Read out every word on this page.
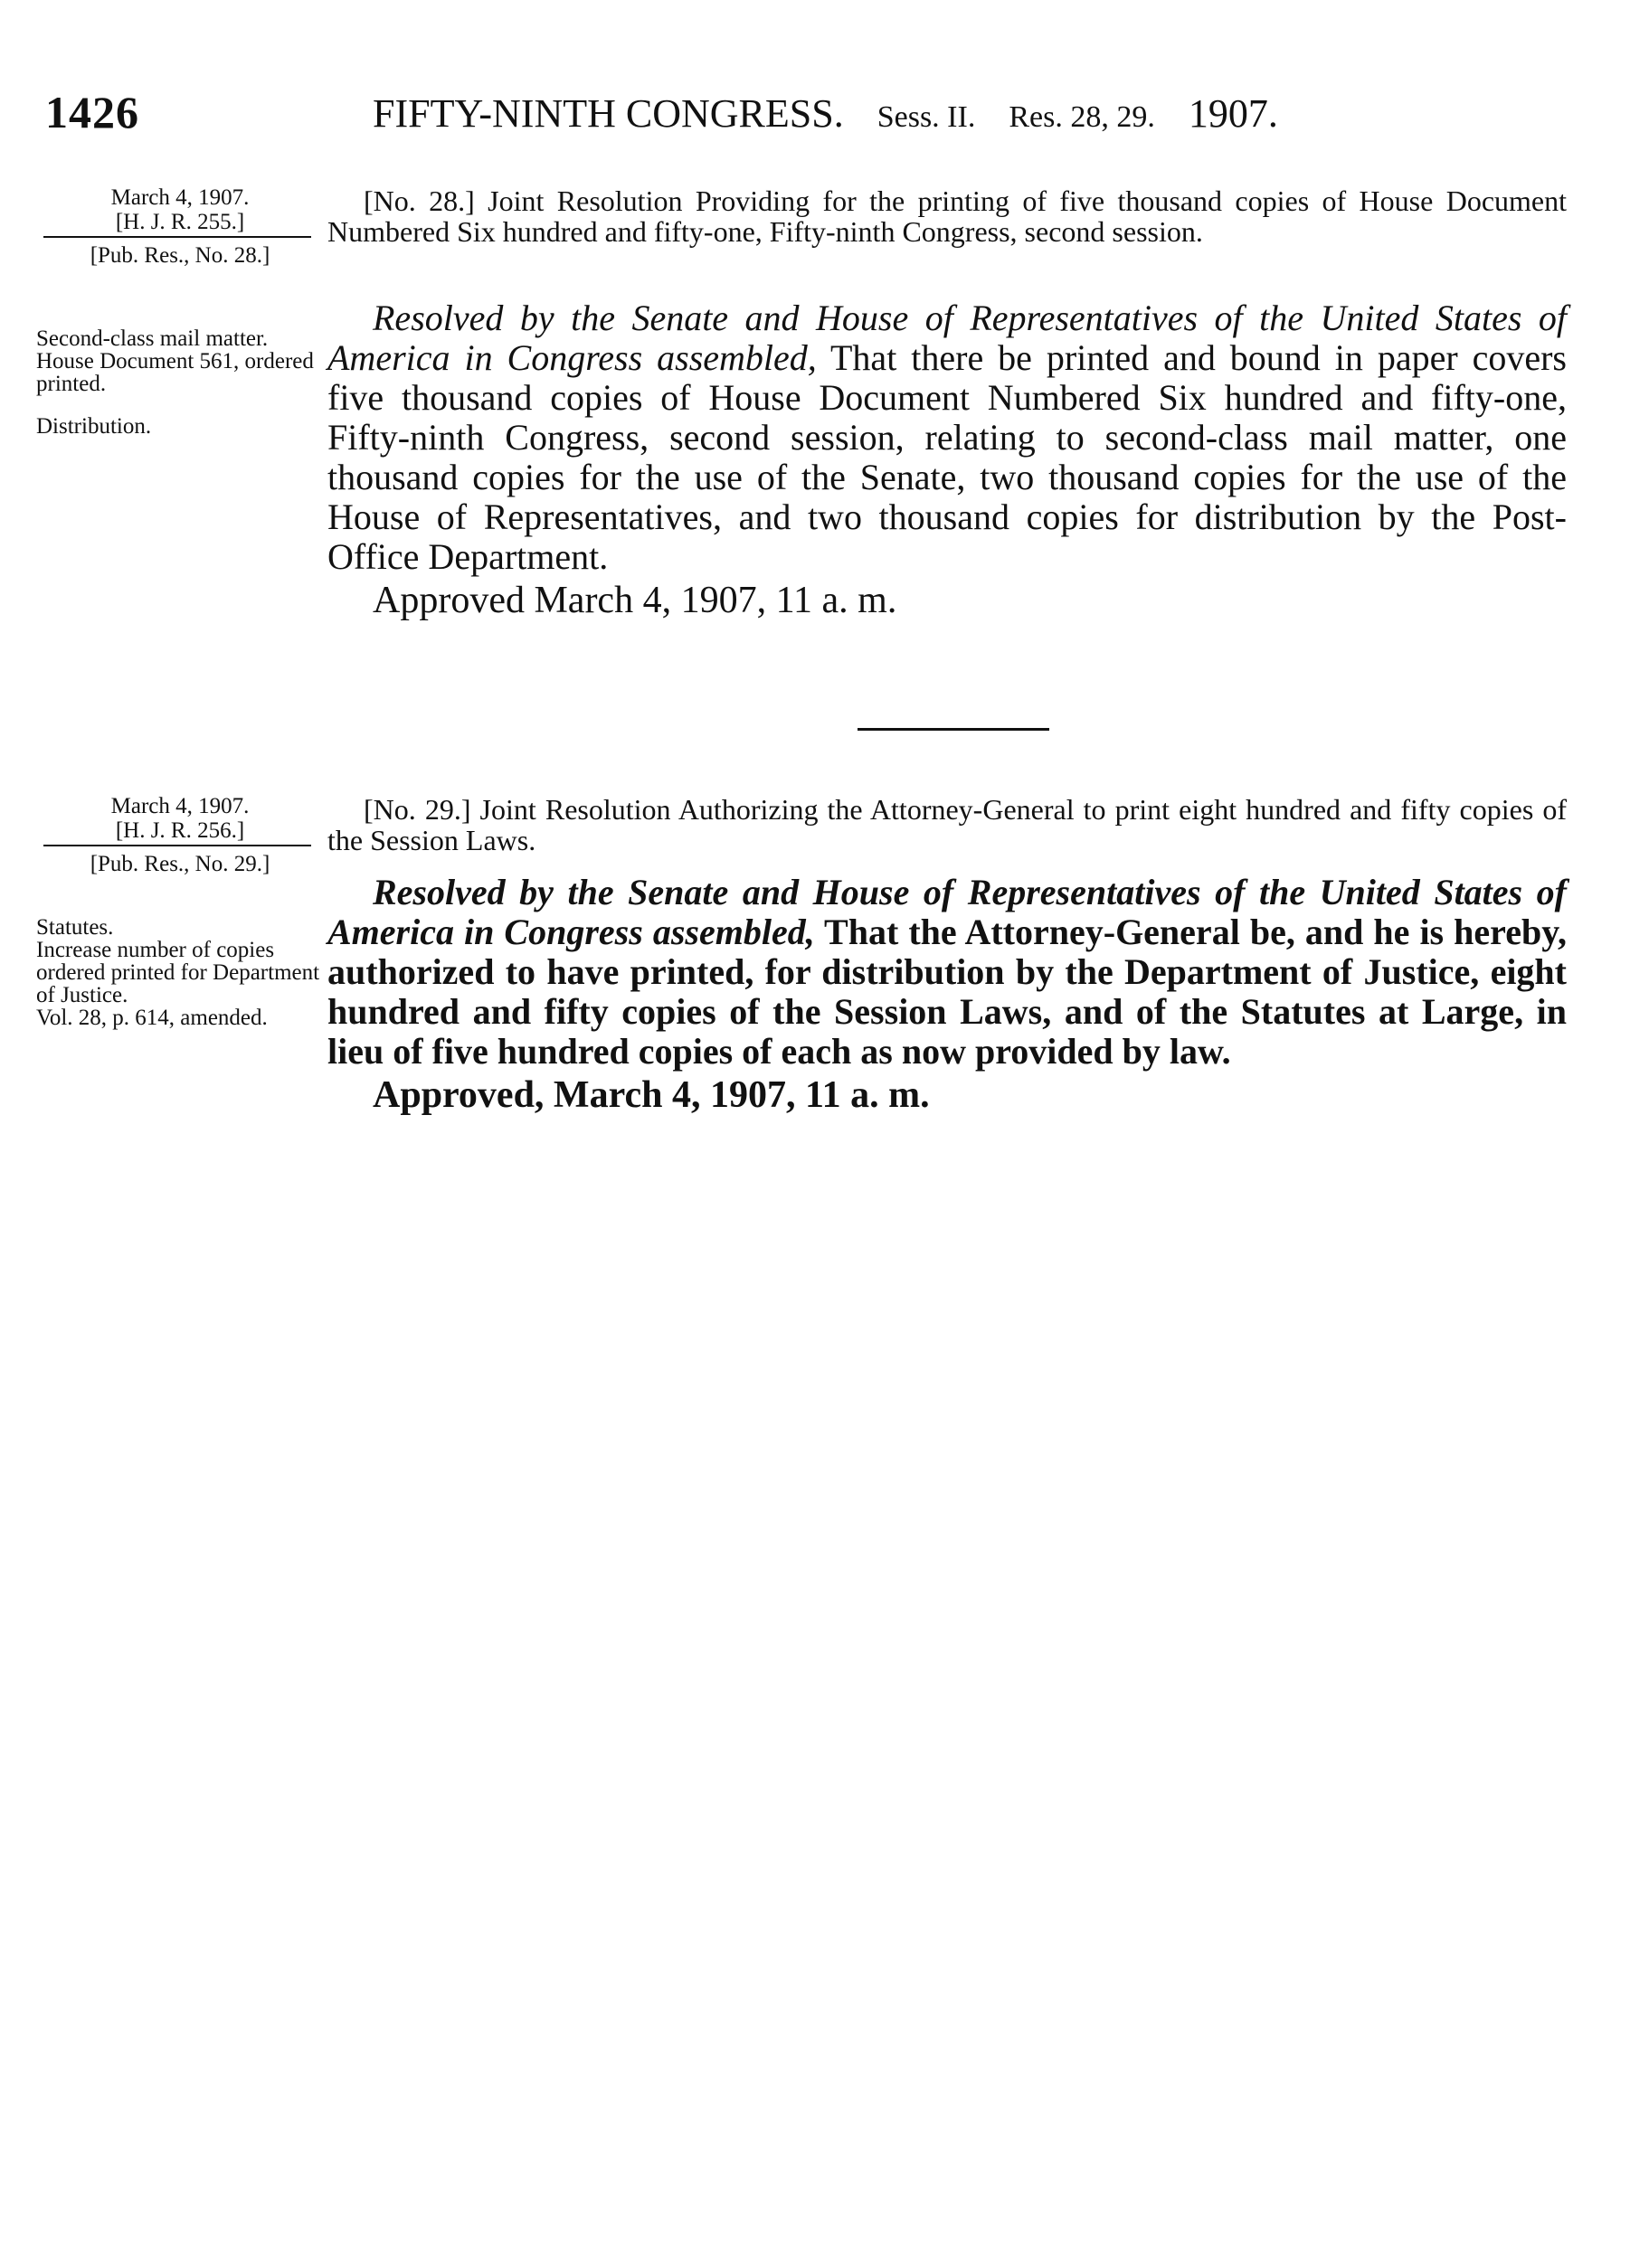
1426	FIFTY-NINTH CONGRESS. Sess. II. Res. 28, 29. 1907.
March 4, 1907.
[H. J. R. 255.]
[Pub. Res., No. 28.]
Second-class mail matter.
House Document 561, ordered printed.
Distribution.
[No. 28.] Joint Resolution Providing for the printing of five thousand copies of House Document Numbered Six hundred and fifty-one, Fifty-ninth Congress, second session.
Resolved by the Senate and House of Representatives of the United States of America in Congress assembled, That there be printed and bound in paper covers five thousand copies of House Document Numbered Six hundred and fifty-one, Fifty-ninth Congress, second session, relating to second-class mail matter, one thousand copies for the use of the Senate, two thousand copies for the use of the House of Representatives, and two thousand copies for distribution by the Post-Office Department.
Approved March 4, 1907, 11 a. m.
March 4, 1907.
[H. J. R. 256.]
[Pub. Res., No. 29.]
Statutes.
Increase number of copies ordered printed for Department of Justice.
Vol. 28, p. 614, amended.
[No. 29.] Joint Resolution Authorizing the Attorney-General to print eight hundred and fifty copies of the Session Laws.
Resolved by the Senate and House of Representatives of the United States of America in Congress assembled, That the Attorney-General be, and he is hereby, authorized to have printed, for distribution by the Department of Justice, eight hundred and fifty copies of the Session Laws, and of the Statutes at Large, in lieu of five hundred copies of each as now provided by law.
Approved, March 4, 1907, 11 a. m.
